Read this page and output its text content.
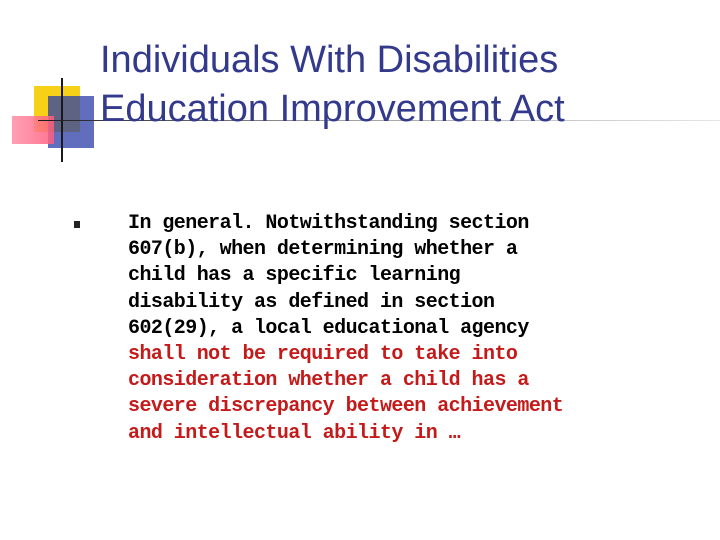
Individuals With Disabilities
Education Improvement Act
In general. Notwithstanding section
607(b), when determining whether a
child has a specific learning
disability as defined in section
602(29), a local educational agency
shall not be required to take into
consideration whether a child has a
severe discrepancy between achievement
and intellectual ability in …
